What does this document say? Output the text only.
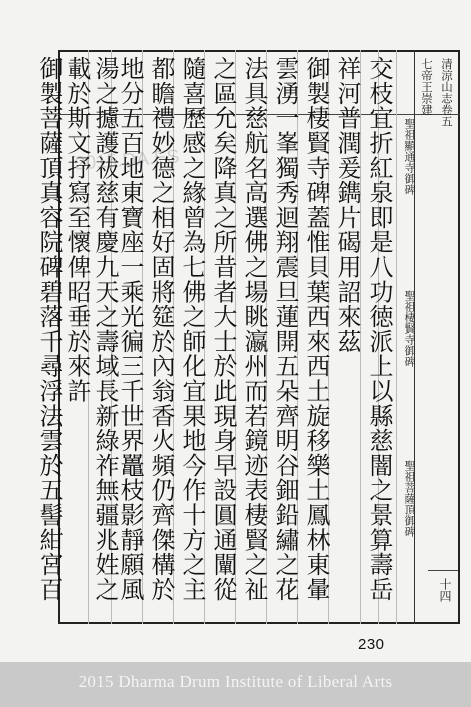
清涼山志卷五
七帝王崇建
聖祖顯通寺御碑
聖祖棲賢寺御碑
聖祖菩薩頂御碑
交枝宜折紅泉即是八功徳派上以縣慈闇之景算壽岳
祥河普潤爰鐫片碣用詔來茲
御製棲賢寺碑蓋惟貝葉西來西土旋移樂土鳳林東暈
雲湧一峯獨秀迴翔震旦蓮開五朵齊明谷鈿鉛繡之花
法具慈航名高選佛之場眺瀛州而若鏡迹表棲賢之祉
之區允矣降真之所昔者大士於此現身早設圓通闡從
隨喜歷感之緣曾為七佛之師化宜果地今作十方之主
都瞻禮妙德之相好固將筵於內翁香火頻仍齊傑構於
地分五百地東寶座一乘光徧三千世界鼉枝影靜願風
湯之攄護祓慈有慶九天之壽域長新綠祚無疆兆姓之
載於斯文抒寫至懷俾昭垂於來許
御製菩薩頂真容院碑碧落千尋浮法雲於五髻紺宮百	十四
2015.DA.ES
230
2015 Dharma Drum Institute of Liberal Arts
